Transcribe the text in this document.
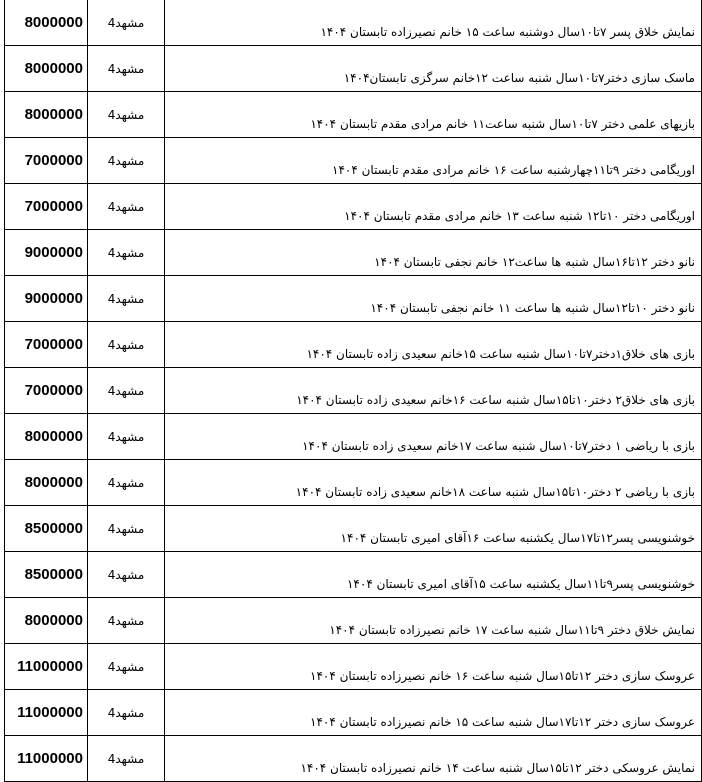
8000000	مشهد4	نمایش خلاق پسر ۷تا۱۰سال دوشنبه ساعت ۱۵ خانم نصیرزاده تابستان ۱۴۰۴
8000000	مشهد4	ماسک سازی دختر۷تا۱۰سال شنبه ساعت ۱۲خانم سرگزی تابستان۱۴۰۴
8000000	مشهد4	بازیهای علمی دختر ۷تا۱۰سال شنبه ساعت۱۱ خانم مرادی مقدم تابستان ۱۴۰۴
7000000	مشهد4	اوریگامی دختر ۹تا۱۱چهارشنبه ساعت ۱۶ خانم مرادی مقدم تابستان ۱۴۰۴
7000000	مشهد4	اوریگامی دختر ۱۰تا۱۲ شنبه ساعت ۱۳ خانم مرادی مقدم تابستان ۱۴۰۴
9000000	مشهد4	نانو دختر ۱۲تا۱۶سال شنبه ها ساعت۱۲ خانم نجفی تابستان ۱۴۰۴
9000000	مشهد4	نانو دختر ۱۰تا۱۲سال شنبه ها ساعت ۱۱ خانم نجفی تابستان ۱۴۰۴
7000000	مشهد4	بازی های خلاق۱دختر۷تا۱۰سال شنبه ساعت ۱۵خانم سعیدی زاده تابستان ۱۴۰۴
7000000	مشهد4	بازی های خلاق۲ دختر۱۰تا۱۵سال شنبه ساعت ۱۶خانم سعیدی زاده تابستان ۱۴۰۴
8000000	مشهد4	بازی با ریاضی ۱ دختر۷تا۱۰سال شنبه ساعت ۱۷خانم سعیدی زاده تابستان ۱۴۰۴
8000000	مشهد4	بازی با ریاضی ۲ دختر۱۰تا۱۵سال شنبه ساعت ۱۸خانم سعیدی زاده تابستان ۱۴۰۴
8500000	مشهد4	خوشنویسی پسر۱۲تا۱۷سال یکشنبه ساعت ۱۶آقای امیری تابستان ۱۴۰۴
8500000	مشهد4	خوشنویسی پسر۹تا۱۱سال یکشنبه ساعت ۱۵آقای امیری تابستان ۱۴۰۴
8000000	مشهد4	نمایش خلاق دختر ۹تا۱۱سال شنبه ساعت ۱۷ خانم نصیرزاده تابستان ۱۴۰۴
11000000	مشهد4	عروسک سازی دختر ۱۲تا۱۵سال شنبه ساعت ۱۶ خانم نصیرزاده تابستان ۱۴۰۴
11000000	مشهد4	عروسک سازی دختر ۱۲تا۱۷سال شنبه ساعت ۱۵ خانم نصیرزاده تابستان ۱۴۰۴
11000000	مشهد4	نمایش عروسکی دختر ۱۲تا۱۵سال شنبه ساعت ۱۴ خانم نصیرزاده تابستان ۱۴۰۴
